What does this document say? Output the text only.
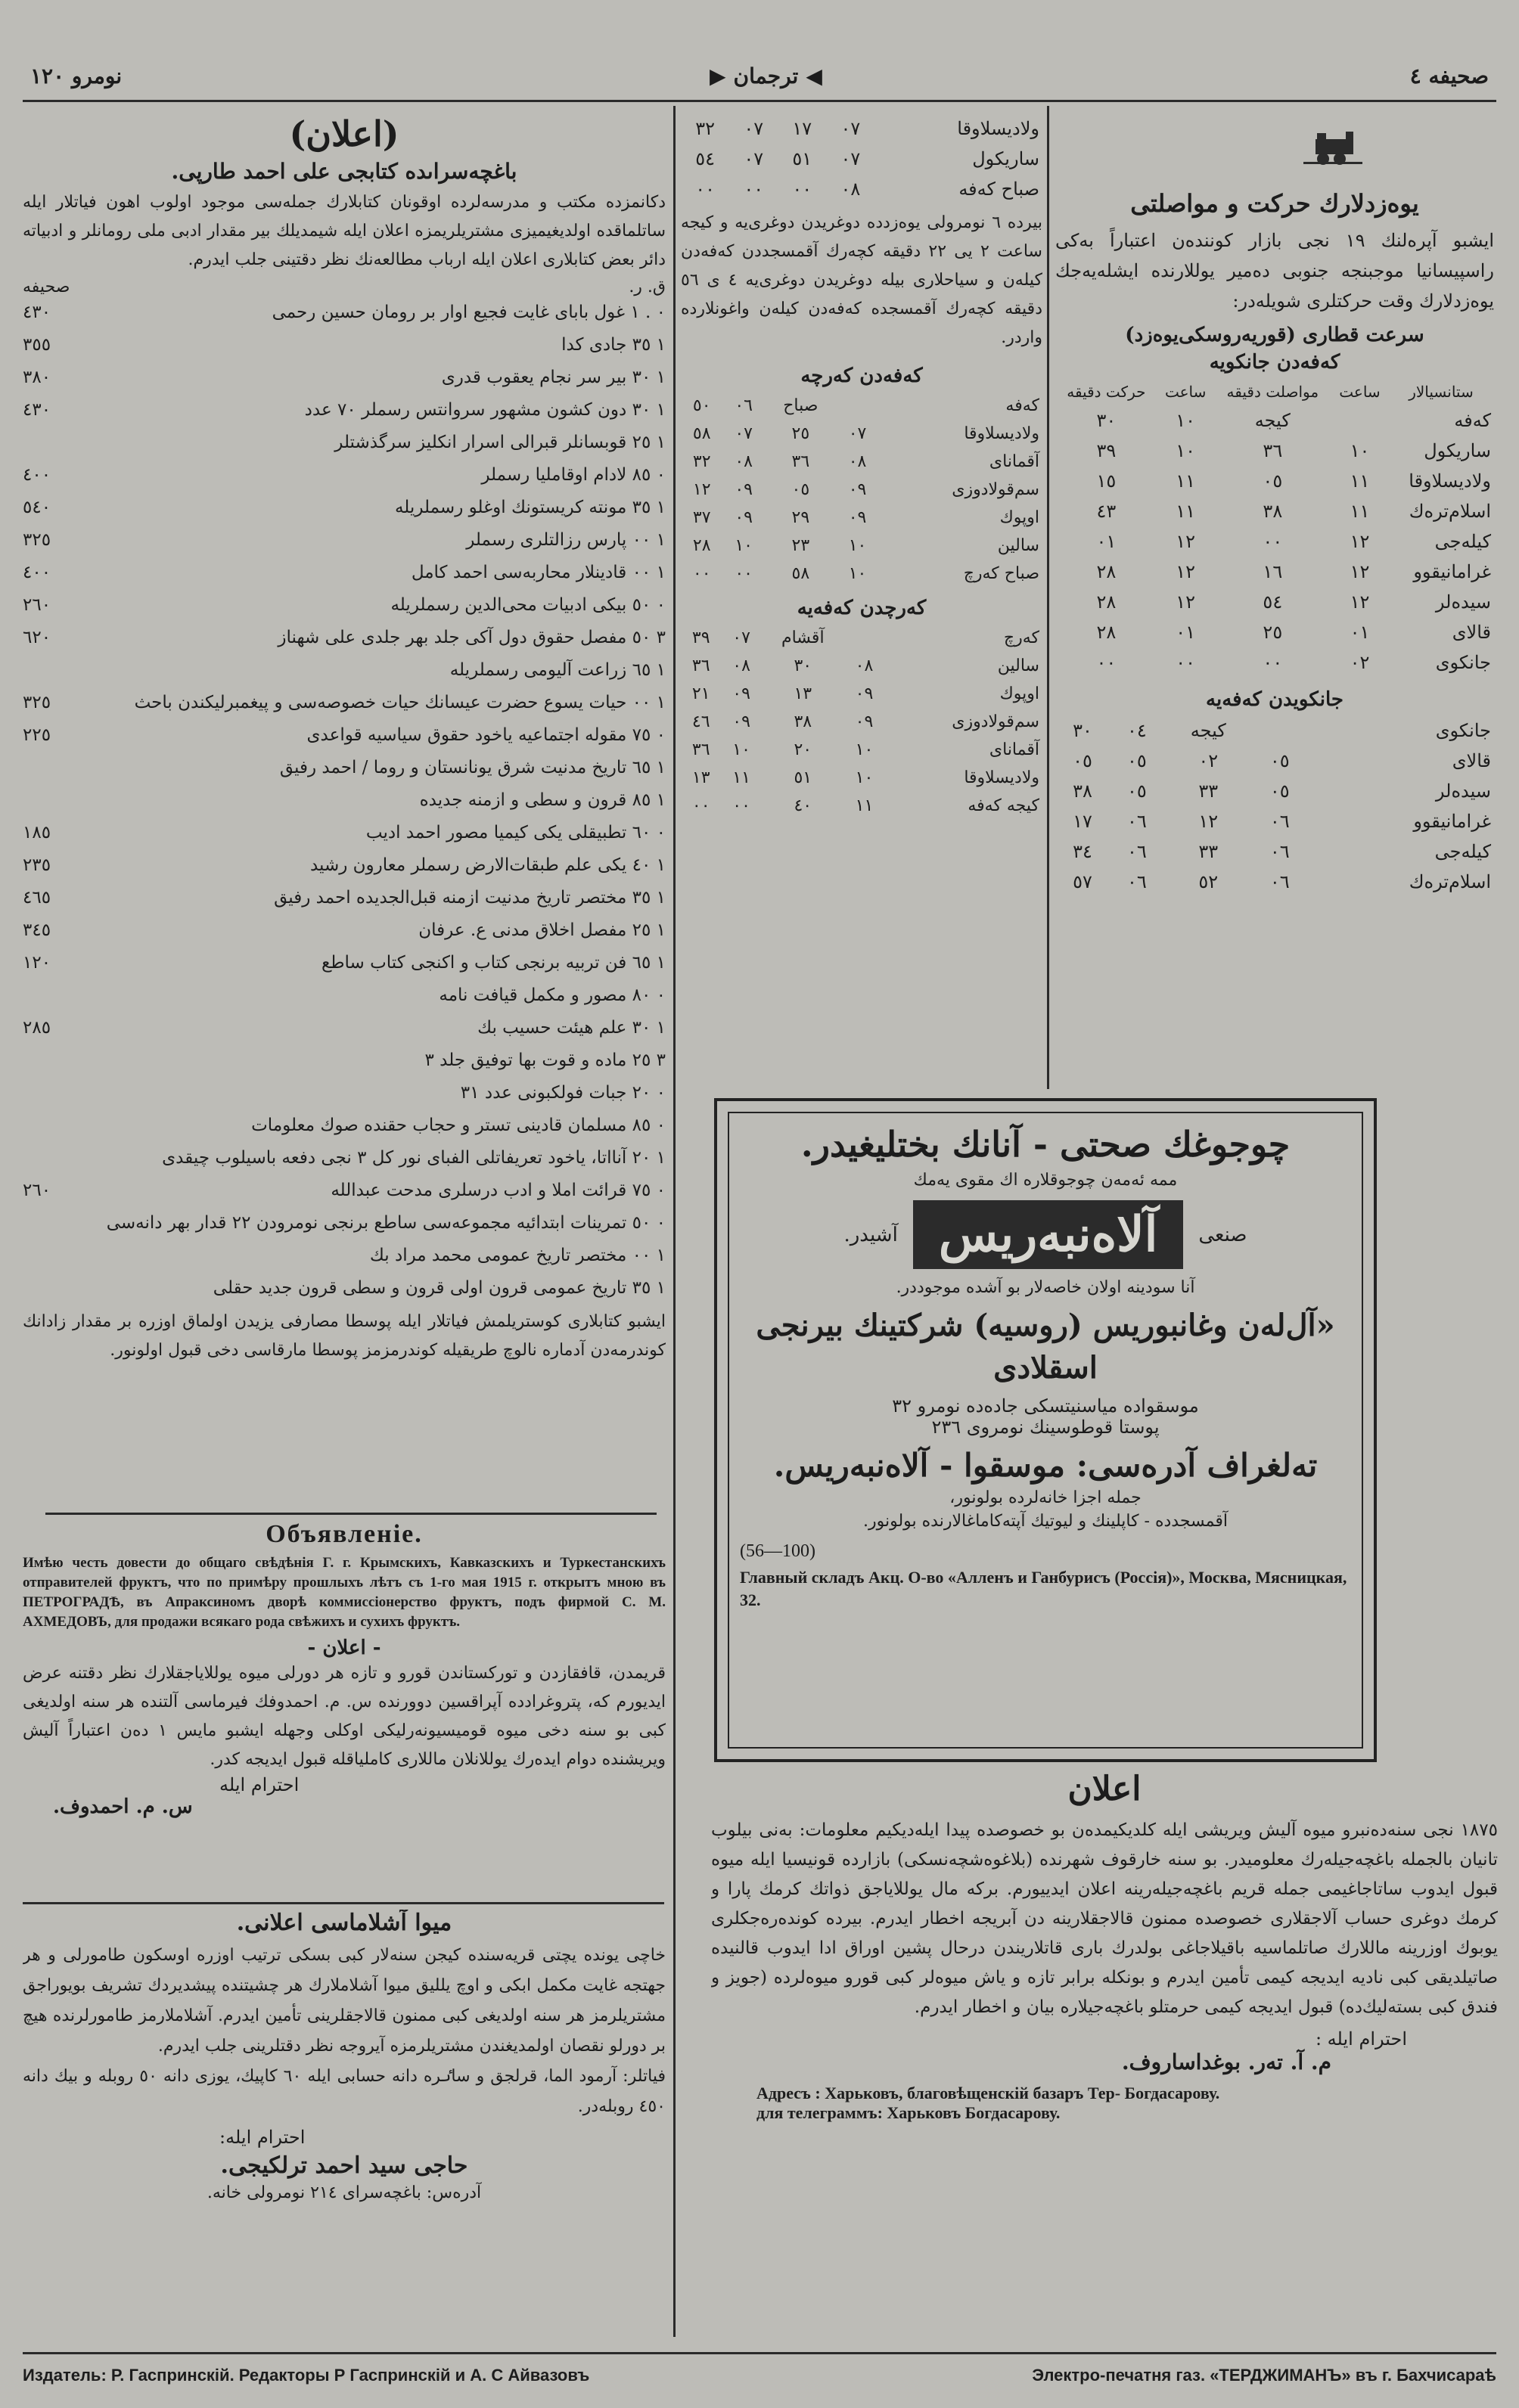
صحیفه ٤
◀
ترجمان
▶
نومرو ١٢٠
یوه‌زدلارك حركت و مواصلتی

ایشبو آپرەلنك ١٩ نجی بازار كونندەن اعتباراً بەكی راسپیسانیا موجبنجه جنوبی دەمیر یوللارنده ایشلەیەجك یوه‌زدلارك وقت حركتلری شویلەدر:

سرعت قطاری (قوریه‌روسکی‌یوه‌زد)
كەفەدن جانكویە
ستانسیالار	ساعت	مواصلت دقیقه	ساعت	حركت دقیقه
كەفە		كیجه	١٠	٣٠
ساریكول	١٠	٣٦	١٠	٣٩
ولادیسلاوقا	١١	٠٥	١١	١٥
اسلام‌ترەك	١١	٣٨	١١	٤٣
كیله‌جی	١٢	٠٠	١٢	٠١
غرامانیقوو	١٢	١٦	١٢	٢٨
سیده‌لر	١٢	٥٤	١٢	٢٨
قالای	٠١	٢٥	٠١	٢٨
جانكوی	٠٢	٠٠	٠٠	٠٠
جانكویدن كەفەیە
جانكوی		كیجه	٠٤	٣٠
قالای	٠٥	٠٢	٠٥	٠٥
سیده‌لر	٠٥	٣٣	٠٥	٣٨
غرامانیقوو	٠٦	١٢	٠٦	١٧
كیله‌جی	٠٦	٣٣	٠٦	٣٤
اسلام‌ترەك	٠٦	٥٢	٠٦	٥٧
ولادیسلاوقا	٠٧	١٧	٠٧	٣٢
ساریكول	٠٧	٥١	٠٧	٥٤
صباح كەفە	٠٨	٠٠	٠٠	٠٠

بیرده ٦ نومرولی یوه‌زدده دوغریدن دوغری‌یه و كیجه ساعت ٢ یی ٢٢ دقیقه كچه‌رك آقمسجددن كەفەدن كیلەن و سیاحلاری بیله دوغریدن دوغری‌یه ٤ ی ٥٦ دقیقه كچه‌رك آقمسجده كەفەدن كیله‌ن واغونلارده واردر.

كەفەدن كەرچه
كەفە		صباح	٠٦	٥٠
ولادیسلاوقا	٠٧	٢٥	٠٧	٥٨
آقمانای	٠٨	٣٦	٠٨	٣٢
سم‌قولادوزی	٠٩	٠٥	٠٩	١٢
اوپوك	٠٩	٢٩	٠٩	٣٧
سالین	١٠	٢٣	١٠	٢٨
صباح كەرچ	١٠	٥٨	٠٠	٠٠
كەرچدن كەفەیە
كەرچ		آقشام	٠٧	٣٩
سالین	٠٨	٣٠	٠٨	٣٦
اوپوك	٠٩	١٣	٠٩	٢١
سم‌قولادوزی	٠٩	٣٨	٠٩	٤٦
آقمانای	١٠	٢٠	١٠	٣٦
ولادیسلاوقا	١٠	٥١	١١	١٣
كیجه كەفە	١١	٤٠	٠٠	٠٠
چوجوغك صحتی - آنانك بختلیغیدر.
ممه ئه‌مه‌ن چوجوقلاره اك مقوی یه‌مك
صنعی
آلاه‌نبه‌ریس
آشیدر.
آنا سودینه اولان خاصه‌لار بو آشده موجوددر.
«آل‌لەن وغانبوریس (روسیه) شركتینك بیرنجی اسقلادی
موسقواده میاسنیتسكی جاده‌ده نومرو ٣٢
پوستا قوطوسینك نومروی ٢٣٦
تەلغراف آدرەسی: موسقوا - آلاه‌نبه‌ریس.
جمله اجزا خانەلرده بولونور،
آقمسجدده - كاپلینك و لیوتیك آپتەكاماغالارنده بولونور.
(56—100)
Главный складъ Акц. О-во «Алленъ и Ганбурисъ (Россія)», Москва, Мясницкая, 32.
اعلان

١٨٧٥ نجی سنه‌دەنبرو میوه آلیش ویریشی ایله كلدیكیمدەن بو خصوصده پیدا ایله‌دیكیم معلومات: بەنی بیلوب تانیان بالجمله باغچەجیلەرك معلومیدر. بو سنه خارقوف شهرنده (بلاغوه‌شچه‌نسكی) بازارده قونیسیا ایله میوه قبول ایدوب ساتاجاغیمی جمله قریم باغچەجیلەرینه اعلان ایدییورم. بركه مال یوللایاجق ذواتك كرمك پارا و كرمك دوغری حساب آلاجقلاری خصوصده ممنون قالاجقلارینه دن آبریجه اخطار ایدرم. بیرده كوندەرەجكلری یوبوك اوزرینه ماللارك صاتلماسیه باقیلاجاغی بولدرك باری قاتلاریندن درحال پشین اوراق ادا ایدوب قالنیده صاتیلدیقی كبی نادیه ایدیجه كیمی تأمین ایدرم و بونكله برابر تازه و یاش میوه‌لر كبی قورو میوه‌لرده (جویز و فندق كبی بستەلیك‌ده) قبول ایدیجه كیمی حرمتلو باغچەجیلارە بیان و اخطار ایدرم.

احترام ایله :
م. آ. تەر. بوغداساروف.
Адресъ : Харьковъ, благовѣщенскій базаръ Тер- Богдасарову.
для телеграммъ: Харьковъ Богдасарову.
(اعلان)
باغچەسراىده كتابجی علی احمد طارپی.

دكانمزده مكتب و مدرسەلرده اوقونان كتابلارك جمله‌سی موجود اولوب اهون فیاتلار ایله ساتلماقده اولدیغیمیزی مشتریلریمزه اعلان ایله شیمدیلك بیر مقدار ادبی ملی رومانلر و ادبیاته دائر بعض كتابلاری اعلان ایله ارباب مطالعەنك نظر دقتینی جلب ایدرم.

ق. ر.
صحیفه
٠ . ١ غول بابای غایت فجیع اوار بر رومان حسین رحمی
٤٣٠
١ ٣٥ جادی كدا
٣٥٥
١ ٣٠ بیر سر نجام یعقوب قدری
٣٨٠
١ ٣٠ دون كشون مشهور سروانتس رسملر ٧٠ عدد
٤٣٠
١ ٢٥ قوبسانلر قبرالی اسرار انكلیز سرگذشتلر
٠ ٨٥ لادام اوقاملیا رسملر
٤٠٠
١ ٣٥ مونته كریستونك اوغلو رسملریله
٥٤٠
١ ٠٠ پارس رزالتلری رسملر
٣٢٥
١ ٠٠ قادینلار محاربه‌سی احمد كامل
٤٠٠
٠ ٥٠ بیكی ادبیات محی‌الدین رسملریله
٢٦٠
٣ ٥٠ مفصل حقوق دول آكی جلد بهر جلدی علی شهناز
٦٢٠
١ ٦٥ زراعت آلیومی رسملریله
١ ٠٠ حیات یسوع حضرت عیسانك حیات خصوصه‌سی و پیغمبرلیكندن باحث
٣٢٥
٠ ٧٥ مقوله اجتماعیه یاخود حقوق سیاسیه قواعدی
٢٢٥
١ ٦٥ تاریخ مدنیت شرق یونانستان و روما / احمد رفیق
١ ٨٥ قرون و سطی و ازمنه جدیده
٠ ٦٠ تطبیقلی یكی كیمیا مصور احمد ادیب
١٨٥
١ ٤٠ یكی علم طبقات‌الارض رسملر معارون رشید
٢٣٥
١ ٣٥ مختصر تاریخ مدنیت ازمنه قبل‌الجدیده احمد رفیق
٤٦٥
١ ٢٥ مفصل اخلاق مدنی ع. عرفان
٣٤٥
١ ٦٥ فن تربیه برنجی كتاب و اكنجی كتاب ساطع
١٢٠
٠ ٨٠ مصور و مكمل قیافت نامه
١ ٣٠ علم هیئت حسیب بك
٢٨٥
٣ ٢٥ ماده و قوت بها توفیق جلد ٣
٠ ٢٠ جبات فولكبونی عدد ٣١
٠ ٨٥ مسلمان قادینی تستر و حجاب حقنده صوك معلومات
١ ٢٠ آنااتا، یاخود تعریفاتلی الفبای نور كل ٣ نجی دفعه باسیلوب چیقدی
٠ ٧٥ قرائت املا و ادب درسلری مدحت عبدالله
٢٦٠
٠ ٥٠ تمرینات ابتدائیه مجموعه‌سی ساطع برنجی نومرودن ٢٢ قدار بهر دانه‌سی
١ ٠٠ مختصر تاریخ عمومی محمد مراد بك
١ ٣٥ تاریخ عمومی قرون اولی قرون و سطی قرون جدید حقلی

ایشبو كتابلاری كوستریلمش فیاتلار ایله پوسطا مصارفی یزیدن اولماق اوزره بر مقدار زادانك كوندرمه‌دن آدماره نالوچ طریقیله كوندرمزمز پوسطا مارقاسی دخی قبول اولونور.

Объявленіе.

Имѣю честь довести до общаго свѣдѣнія Г. г. Крымскихъ, Кавказскихъ и Туркестанскихъ отправителей фруктъ, что по примѣру прошлыхъ лѣтъ съ 1-го мая 1915 г. открытъ мною въ ПЕТРОГРАДѢ, въ Апраксиномъ дворѣ коммиссіонерство фруктъ, подъ фирмой С. М. АХМЕДОВЪ, для продажи всякаго рода свѣжихъ и сухихъ фруктъ.

- اعلان -

قریمدن، قافقازدن و توركستاندن قورو و تازه هر دورلی میوه یوللایاجقلارك نظر دقتنه عرض ایدیورم كه، پتروغرادده آپراقسین دوورنده س. م. احمدوفك فیرماسی آلتنده هر سنه اولدیغی كبی بو سنه دخی میوه قومیسیونەرلیكی اوكلی وجهله ایشبو مایس ١ دەن اعتباراً آلیش ویریشنده دوام ایدەرك یوللانلان ماللاری كاملیاقله قبول ایدیجه كدر.

احترام ایله
س. م. احمدوف.
میوا آشلاماسی اعلانی.

خاچی یونده یچتی قریه‌سنده كیجن سنه‌لار كبی بسكی ترتیب اوزره اوسكون طامورلی و هر جهتجه غایت مكمل ابكی و اوچ یللیق میوا آشلاملارك هر چشیتنده پیشدیردك تشریف بویوراجق مشتریلرمز هر سنه اولدیغی كبی ممنون قالاجقلرینی تأمین ایدرم. آشلاملارمز طامورلرنده هیچ بر دورلو نقصان اولمدیغندن مشتریلرمزه آیروجه نظر دقتلرینی جلب ایدرم.

فیاتلر: آرمود الما، قرلجق و ساٸره دانه حسابی ایله ٦٠ كاپیك، یوزی دانه ٥٠ روبله و بیك دانه ٤٥٠ روبله‌در.

احترام ایله:
حاجی سید احمد ترلكیجی.
آدرەس: باغچەسرای ٢١٤ نومرولی خانه.
Издатель: Р. Гаспринскій. Редакторы Р Гаспринскій и А. С Айвазовъ	Электро-печатня газ. «ТЕРДЖИМАНЪ» въ г. Бахчисараѣ
